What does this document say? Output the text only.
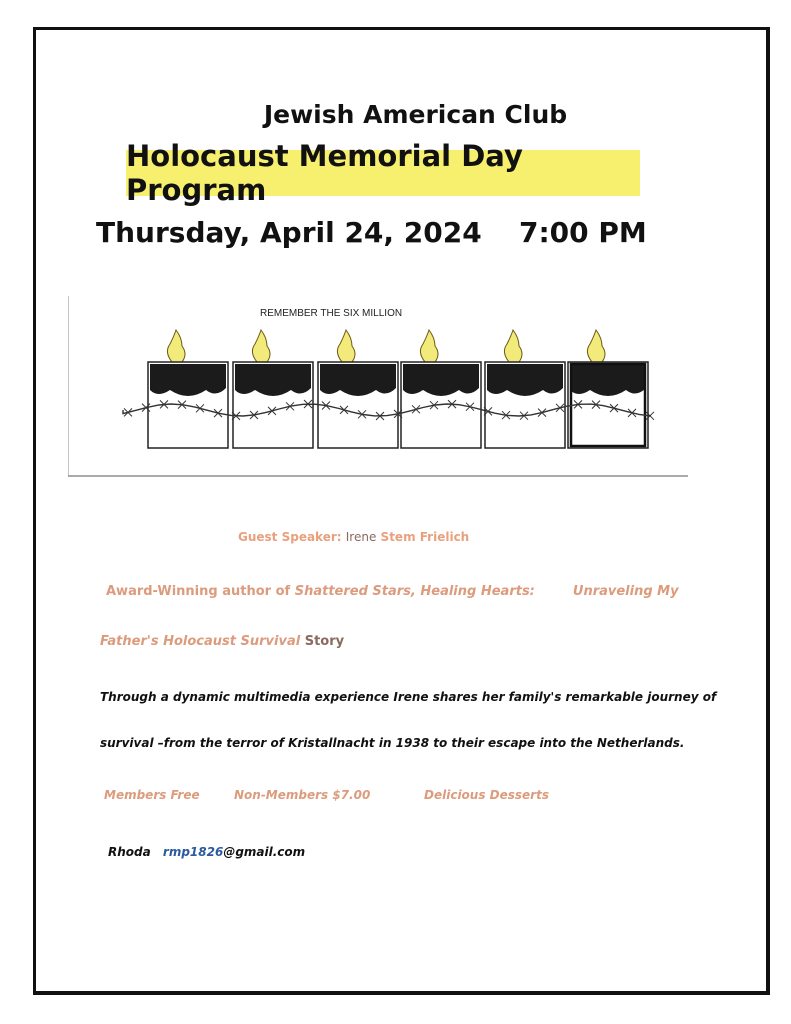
Jewish American Club
Holocaust Memorial Day Program
Thursday, April 24, 2024 7:00 PM
REMEMBER THE SIX MILLION
Guest Speaker: Irene Stem Frielich
Award-Winning author of Shattered Stars, Healing Hearts:	Unraveling My
Father's Holocaust Survival Story
Through a dynamic multimedia experience Irene shares her family's remarkable journey of
survival –from the terror of Kristallnacht in 1938 to their escape into the Netherlands.
Members Free	Non-Members $7.00	Delicious Desserts
Rhoda rmp1826@gmail.com
